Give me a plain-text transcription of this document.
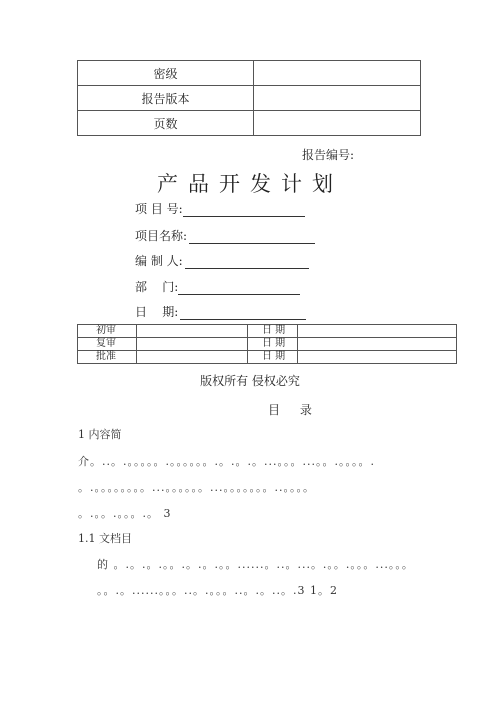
密级	
报告版本	
页数	
报告编号:
产品开发计划
项 目 号:
项目名称:
编 制 人:
部    门:
日    期:
初审		日 期	
复审		日 期	
批准		日 期	
版权所有 侵权必究
目 录
1 内容简
介。..。.。。。。。.。。。。。。.。.。.。...。。。...。。.。。。。.
。.。。。。。。。。...。。。。。。...。。。。。。。..。。。。
。.。。.。。。.。 3
1.1 文档目
的 。.。.。.。。.。.。.。。......。..。...。.。。.。。。...。。。
。。.。......。。。..。.。。。..。.。..。.3 1。2
